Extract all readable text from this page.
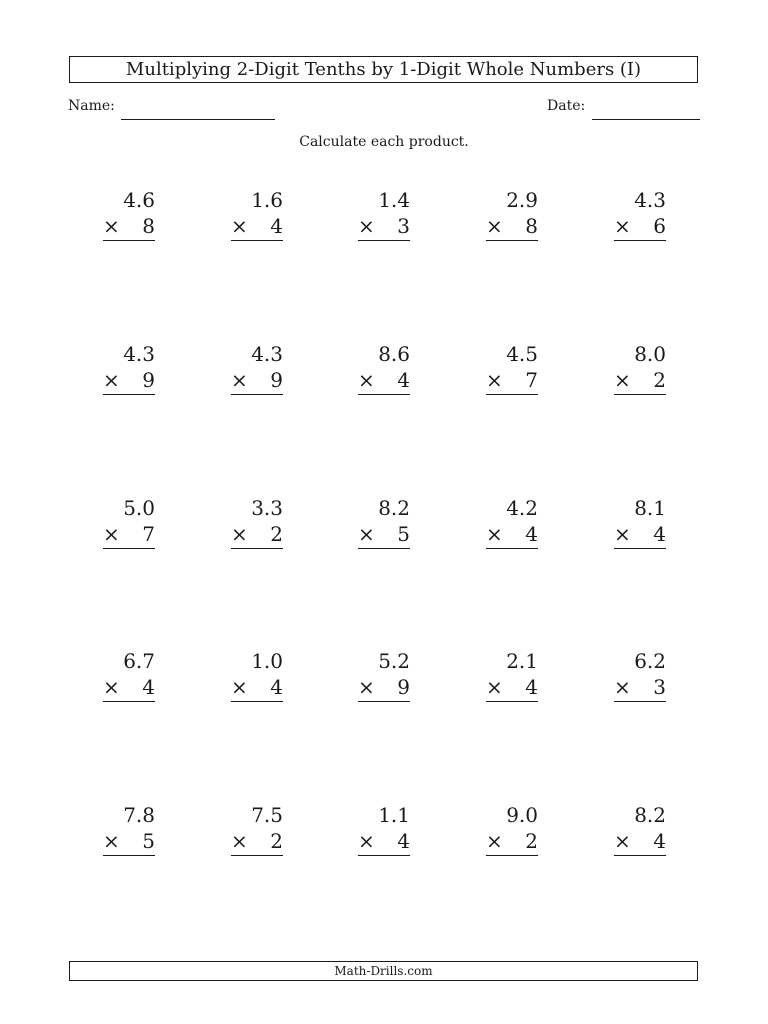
Multiplying 2-Digit Tenths by 1-Digit Whole Numbers (I)
Name:	Date:
Calculate each product.
4.6
× 8
1.6
× 4
1.4
× 3
2.9
× 8
4.3
× 6
4.3
× 9
4.3
× 9
8.6
× 4
4.5
× 7
8.0
× 2
5.0
× 7
3.3
× 2
8.2
× 5
4.2
× 4
8.1
× 4
6.7
× 4
1.0
× 4
5.2
× 9
2.1
× 4
6.2
× 3
7.8
× 5
7.5
× 2
1.1
× 4
9.0
× 2
8.2
× 4
Math-Drills.com
